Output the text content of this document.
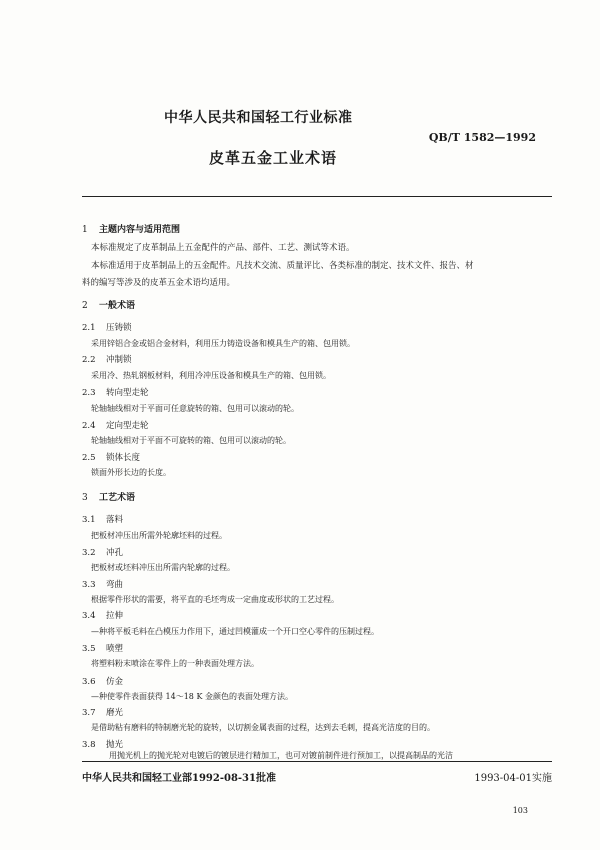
中华人民共和国轻工行业标准
QB/T 1582—1992
皮革五金工业术语
1 主题内容与适用范围
本标准规定了皮革制品上五金配件的产品、部件、工艺、测试等术语。
本标准适用于皮革制品上的五金配件。凡技术交流、质量评比、各类标准的制定、技术文件、报告、材
料的编写等涉及的皮革五金术语均适用。
2 一般术语
2.1 压铸锁
采用锌铝合金或铝合金材料，利用压力铸造设备和模具生产的箱、包用锁。
2.2 冲制锁
采用冷、热轧钢板材料，利用冷冲压设备和模具生产的箱、包用锁。
2.3 转向型走轮
轮轴轴线相对于平面可任意旋转的箱、包用可以滚动的轮。
2.4 定向型走轮
轮轴轴线相对于平面不可旋转的箱、包用可以滚动的轮。
2.5 锁体长度
锁面外形长边的长度。
3 工艺术语
3.1 落料
把板材冲压出所需外轮廓坯料的过程。
3.2 冲孔
把板材或坯料冲压出所需内轮廓的过程。
3.3 弯曲
根据零件形状的需要，将平直的毛坯弯成一定曲度或形状的工艺过程。
3.4 拉伸
—种将平板毛料在凸模压力作用下，通过凹模灌成一个开口空心零件的压制过程。
3.5 喷塑
将塑料粉末喷涂在零件上的一种表面处理方法。
3.6 仿金
—种使零件表面获得 14～18 K 金颜色的表面处理方法。
3.7 磨光
是借助粘有磨料的特制磨光轮的旋转，以切割金属表面的过程，达到去毛刺，提高光洁度的目的。
3.8 抛光
用抛光机上的抛光轮对电镀后的镀层进行精加工，也可对镀前制件进行预加工，以提高制品的光洁
中华人民共和国轻工业部1992-08-31批准	1993-04-01实施
103
